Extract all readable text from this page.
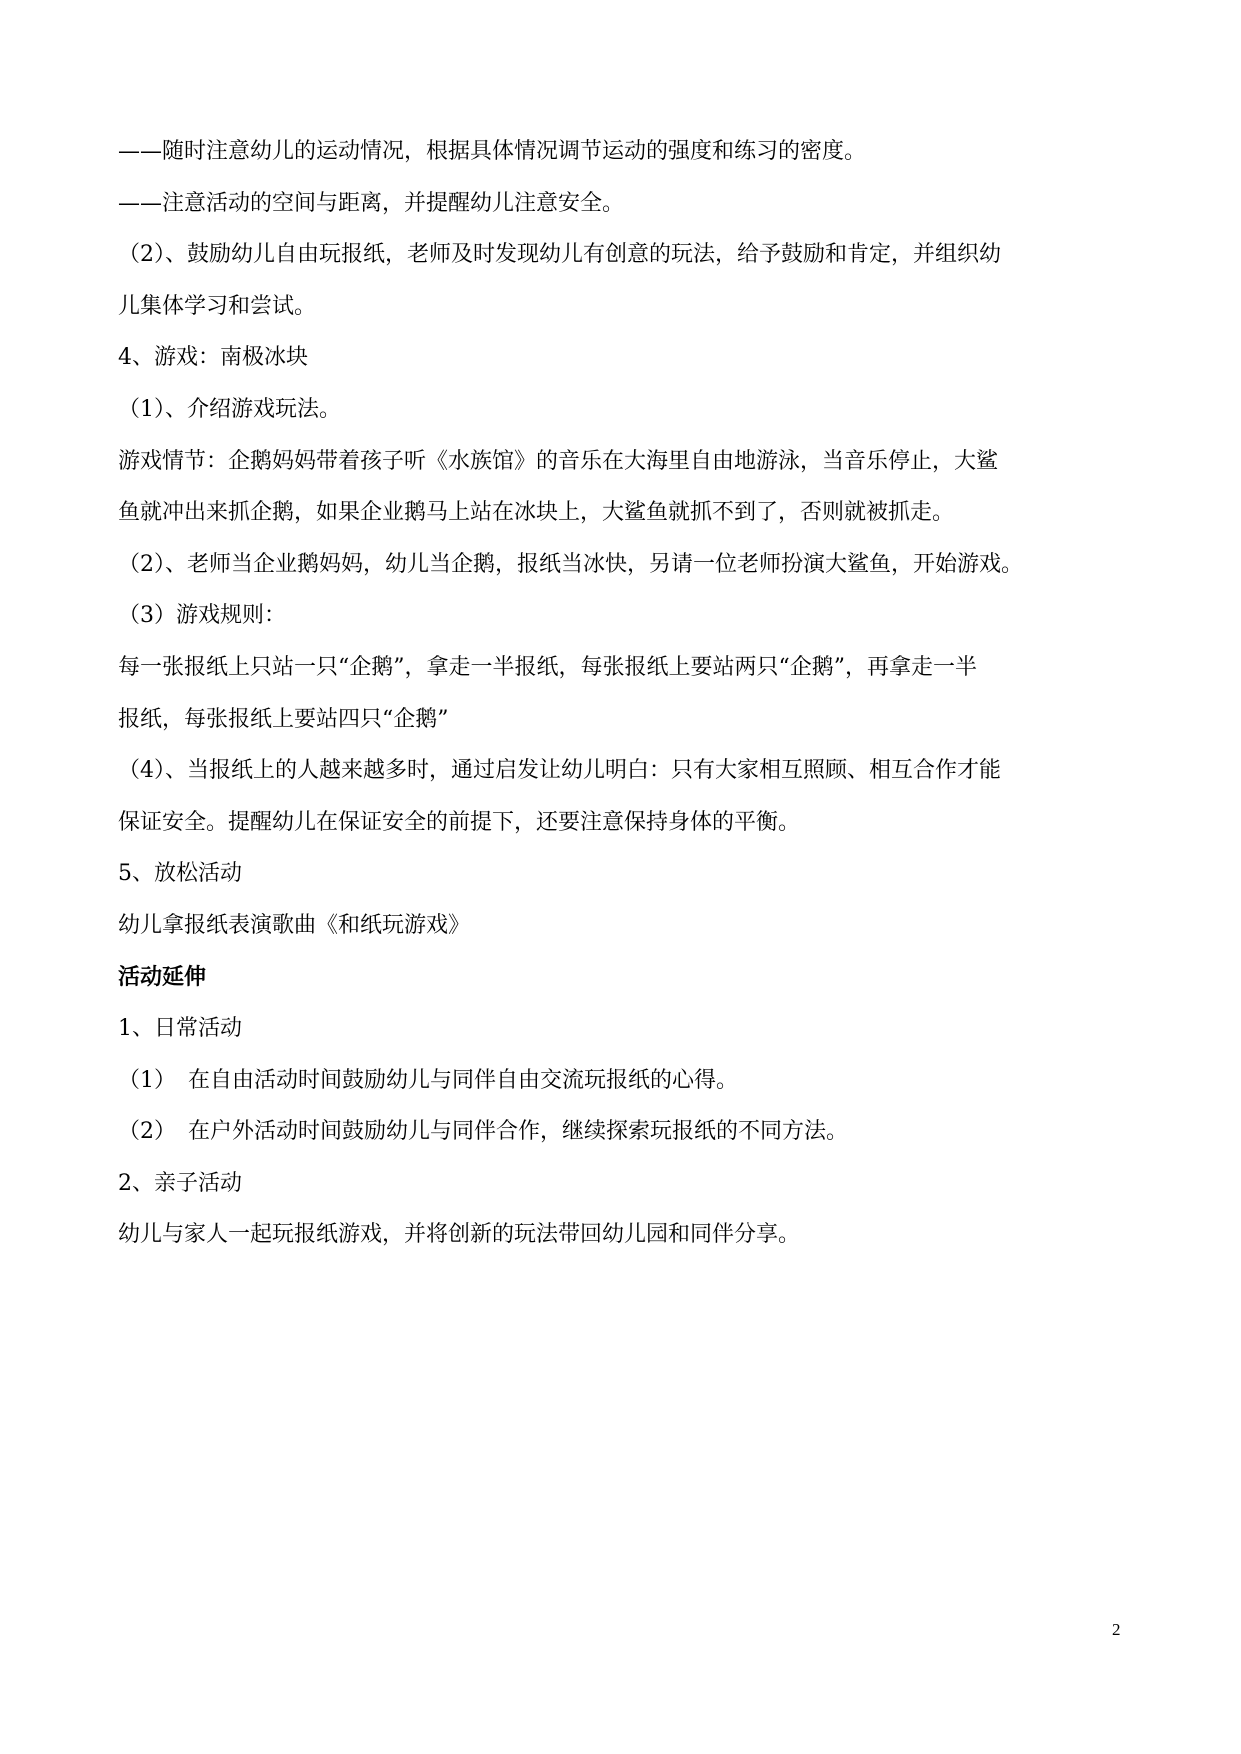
——随时注意幼儿的运动情况，根据具体情况调节运动的强度和练习的密度。

——注意活动的空间与距离，并提醒幼儿注意安全。

（2）、鼓励幼儿自由玩报纸，老师及时发现幼儿有创意的玩法，给予鼓励和肯定，并组织幼

儿集体学习和尝试。

4、游戏：南极冰块

（1）、介绍游戏玩法。

游戏情节：企鹅妈妈带着孩子听《水族馆》的音乐在大海里自由地游泳，当音乐停止，大鲨

鱼就冲出来抓企鹅，如果企业鹅马上站在冰块上，大鲨鱼就抓不到了，否则就被抓走。

（2）、老师当企业鹅妈妈，幼儿当企鹅，报纸当冰快，另请一位老师扮演大鲨鱼，开始游戏。

（3）游戏规则：

每一张报纸上只站一只“企鹅”，拿走一半报纸，每张报纸上要站两只“企鹅”，再拿走一半

报纸，每张报纸上要站四只“企鹅”

（4）、当报纸上的人越来越多时，通过启发让幼儿明白：只有大家相互照顾、相互合作才能

保证安全。提醒幼儿在保证安全的前提下，还要注意保持身体的平衡。

5、放松活动

幼儿拿报纸表演歌曲《和纸玩游戏》

活动延伸

1、日常活动

（1） 在自由活动时间鼓励幼儿与同伴自由交流玩报纸的心得。

（2） 在户外活动时间鼓励幼儿与同伴合作，继续探索玩报纸的不同方法。

2、亲子活动

幼儿与家人一起玩报纸游戏，并将创新的玩法带回幼儿园和同伴分享。

2
